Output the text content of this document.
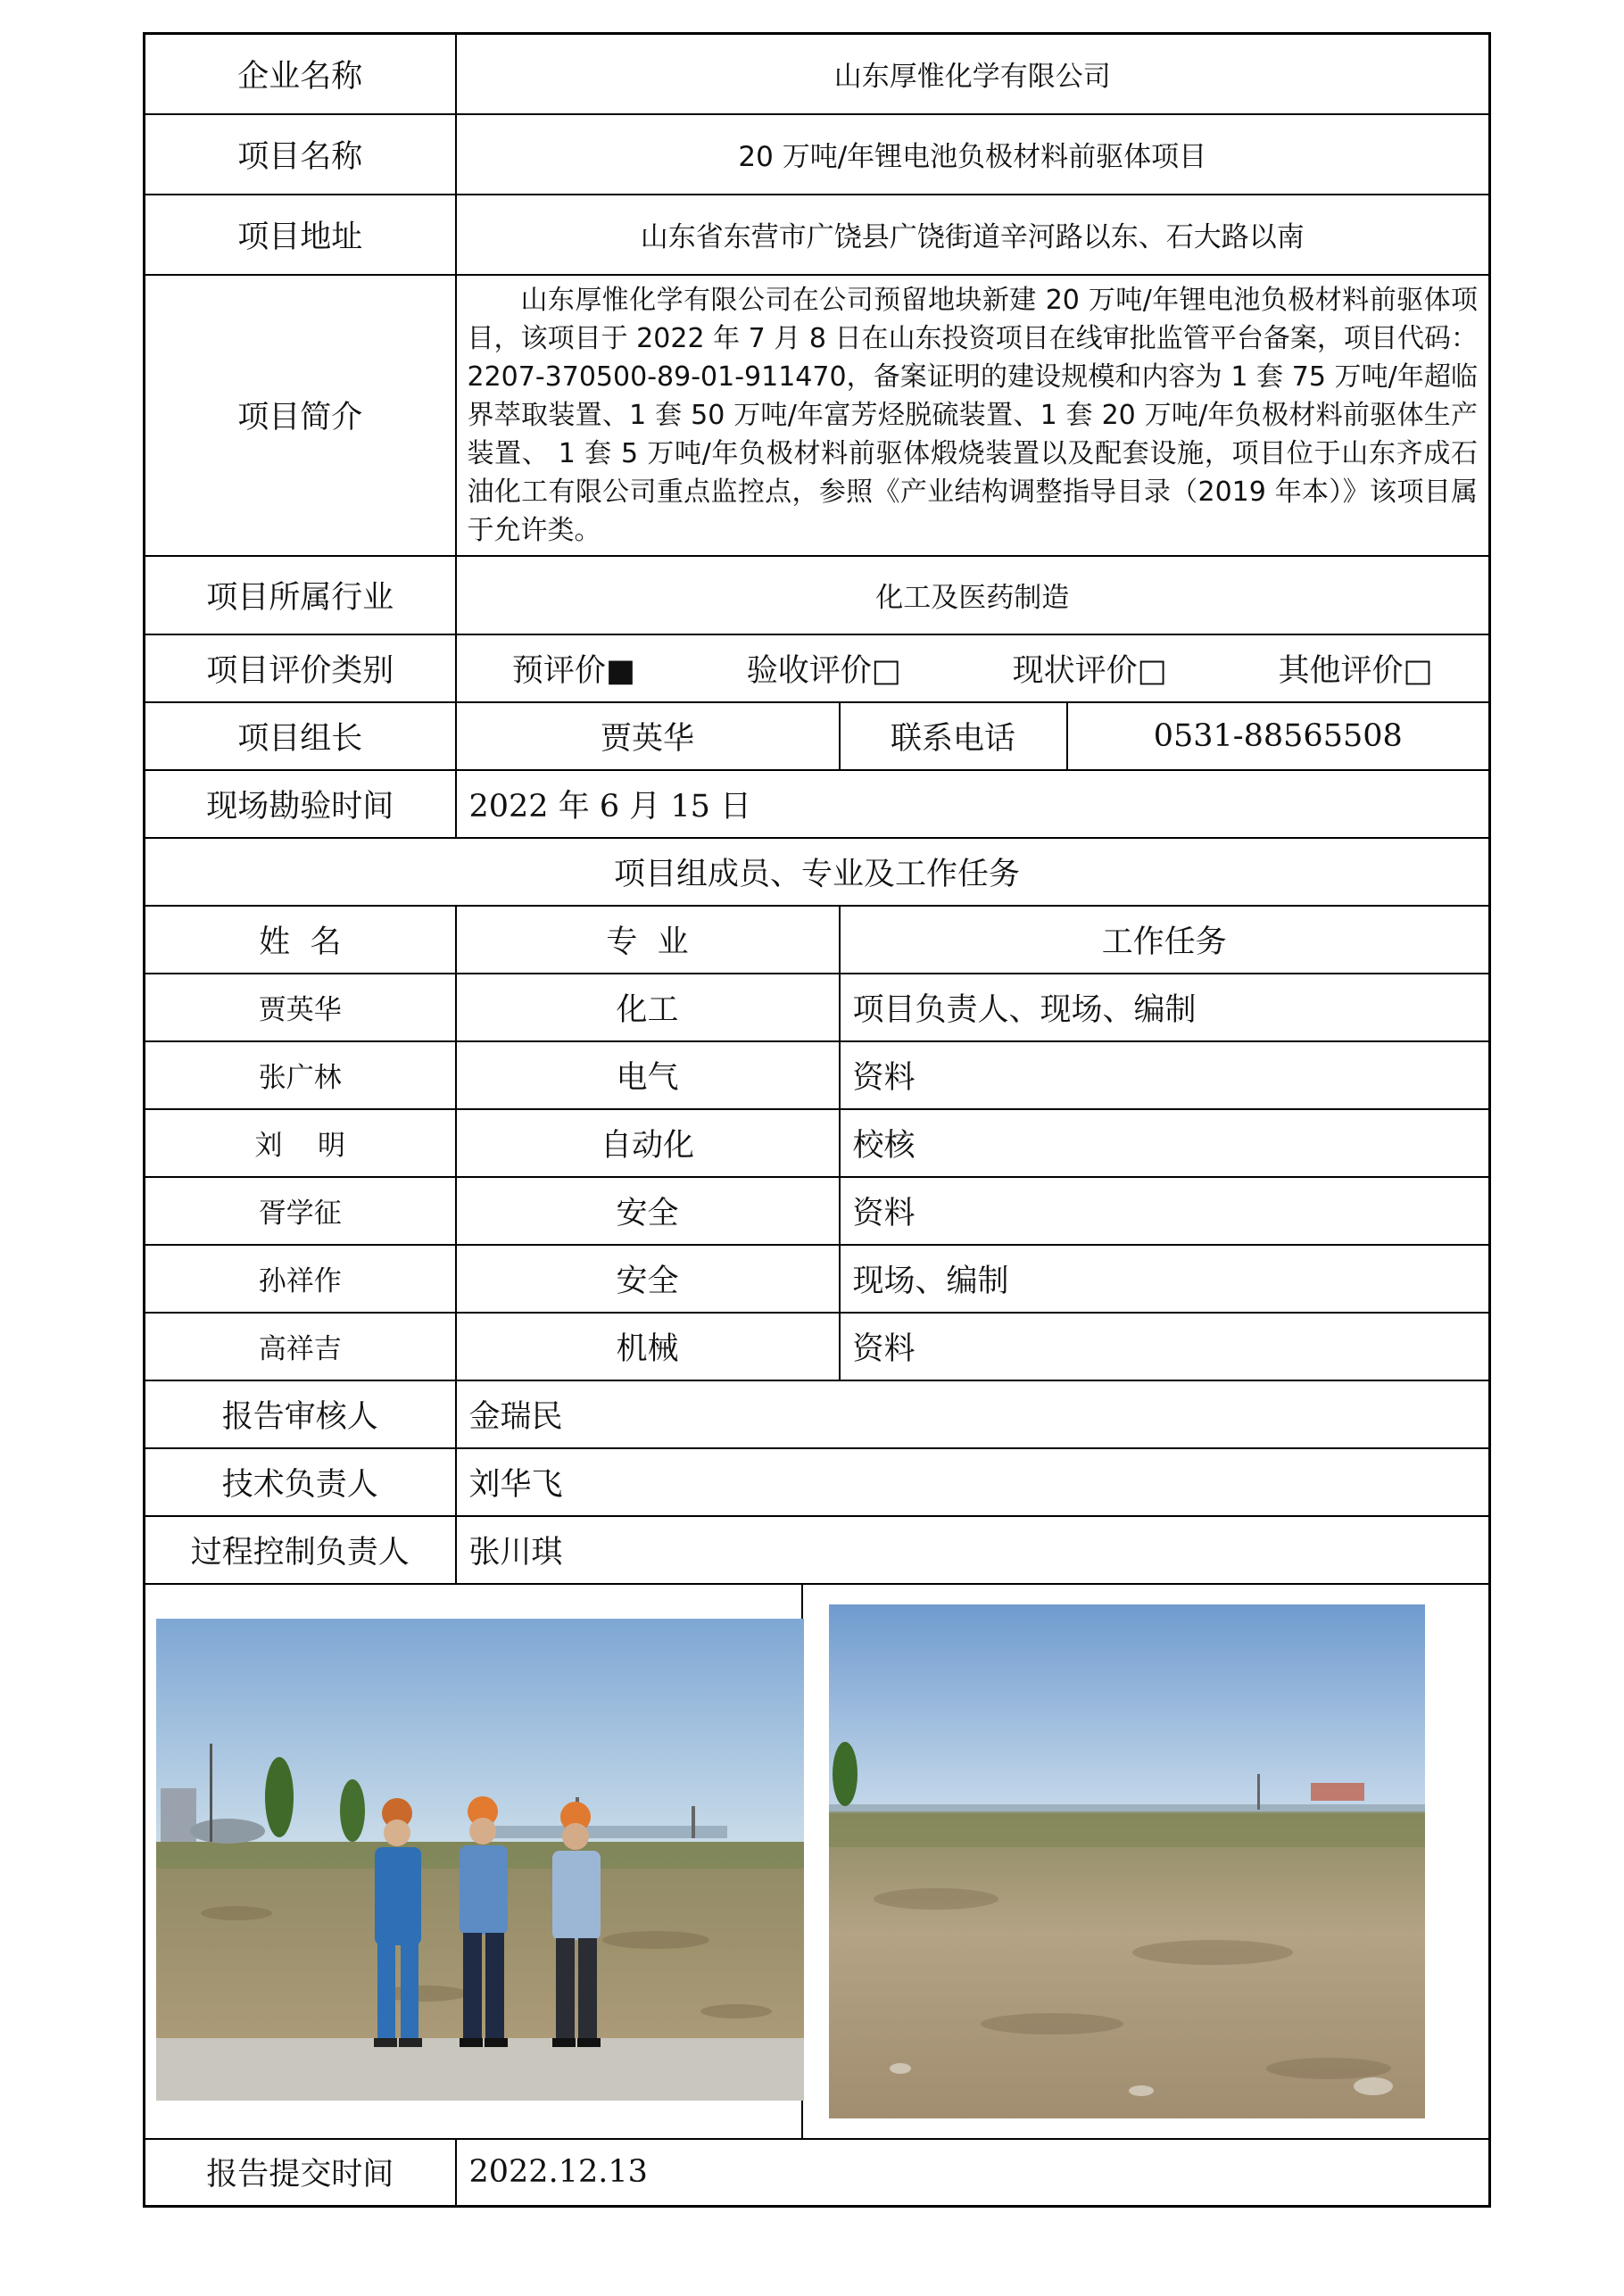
企业名称	山东厚惟化学有限公司		
项目名称	20 万吨/年锂电池负极材料前驱体项目		
项目地址	山东省东营市广饶县广饶街道辛河路以东、石大路以南		
项目简介	山东厚惟化学有限公司在公司预留地块新建 20 万吨/年锂电池负极材料前驱体项目，该项目于 2022 年 7 月 8 日在山东投资项目在线审批监管平台备案，项目代码：2207-370500-89-01-911470，备案证明的建设规模和内容为 1 套 75 万吨/年超临界萃取装置、1 套 50 万吨/年富芳烃脱硫装置、1 套 20 万吨/年负极材料前驱体生产装置、 1 套 5 万吨/年负极材料前驱体煅烧装置以及配套设施，项目位于山东齐成石油化工有限公司重点监控点，参照《产业结构调整指导目录（2019 年本）》该项目属于允许类。		

项目所属行业	化工及医药制造		
项目评价类别	预评价■ 验收评价□ 现状评价□ 其他评价□		

项目组长	贾英华	联系电话	0531-88565508
现场勘验时间	2022 年 6 月 15 日		
项目组成员、专业及工作任务			
姓  名	专  业	工作任务	
贾英华	化工	项目负责人、现场、编制	
张广林	电气	资料	
刘    明	自动化	校核	
胥学征	安全	资料	
孙祥作	安全	现场、编制	
高祥吉	机械	资料	
报告审核人	金瑞民		
技术负责人	刘华飞		
过程控制负责人	张川琪		

报告提交时间	2022.12.13		
